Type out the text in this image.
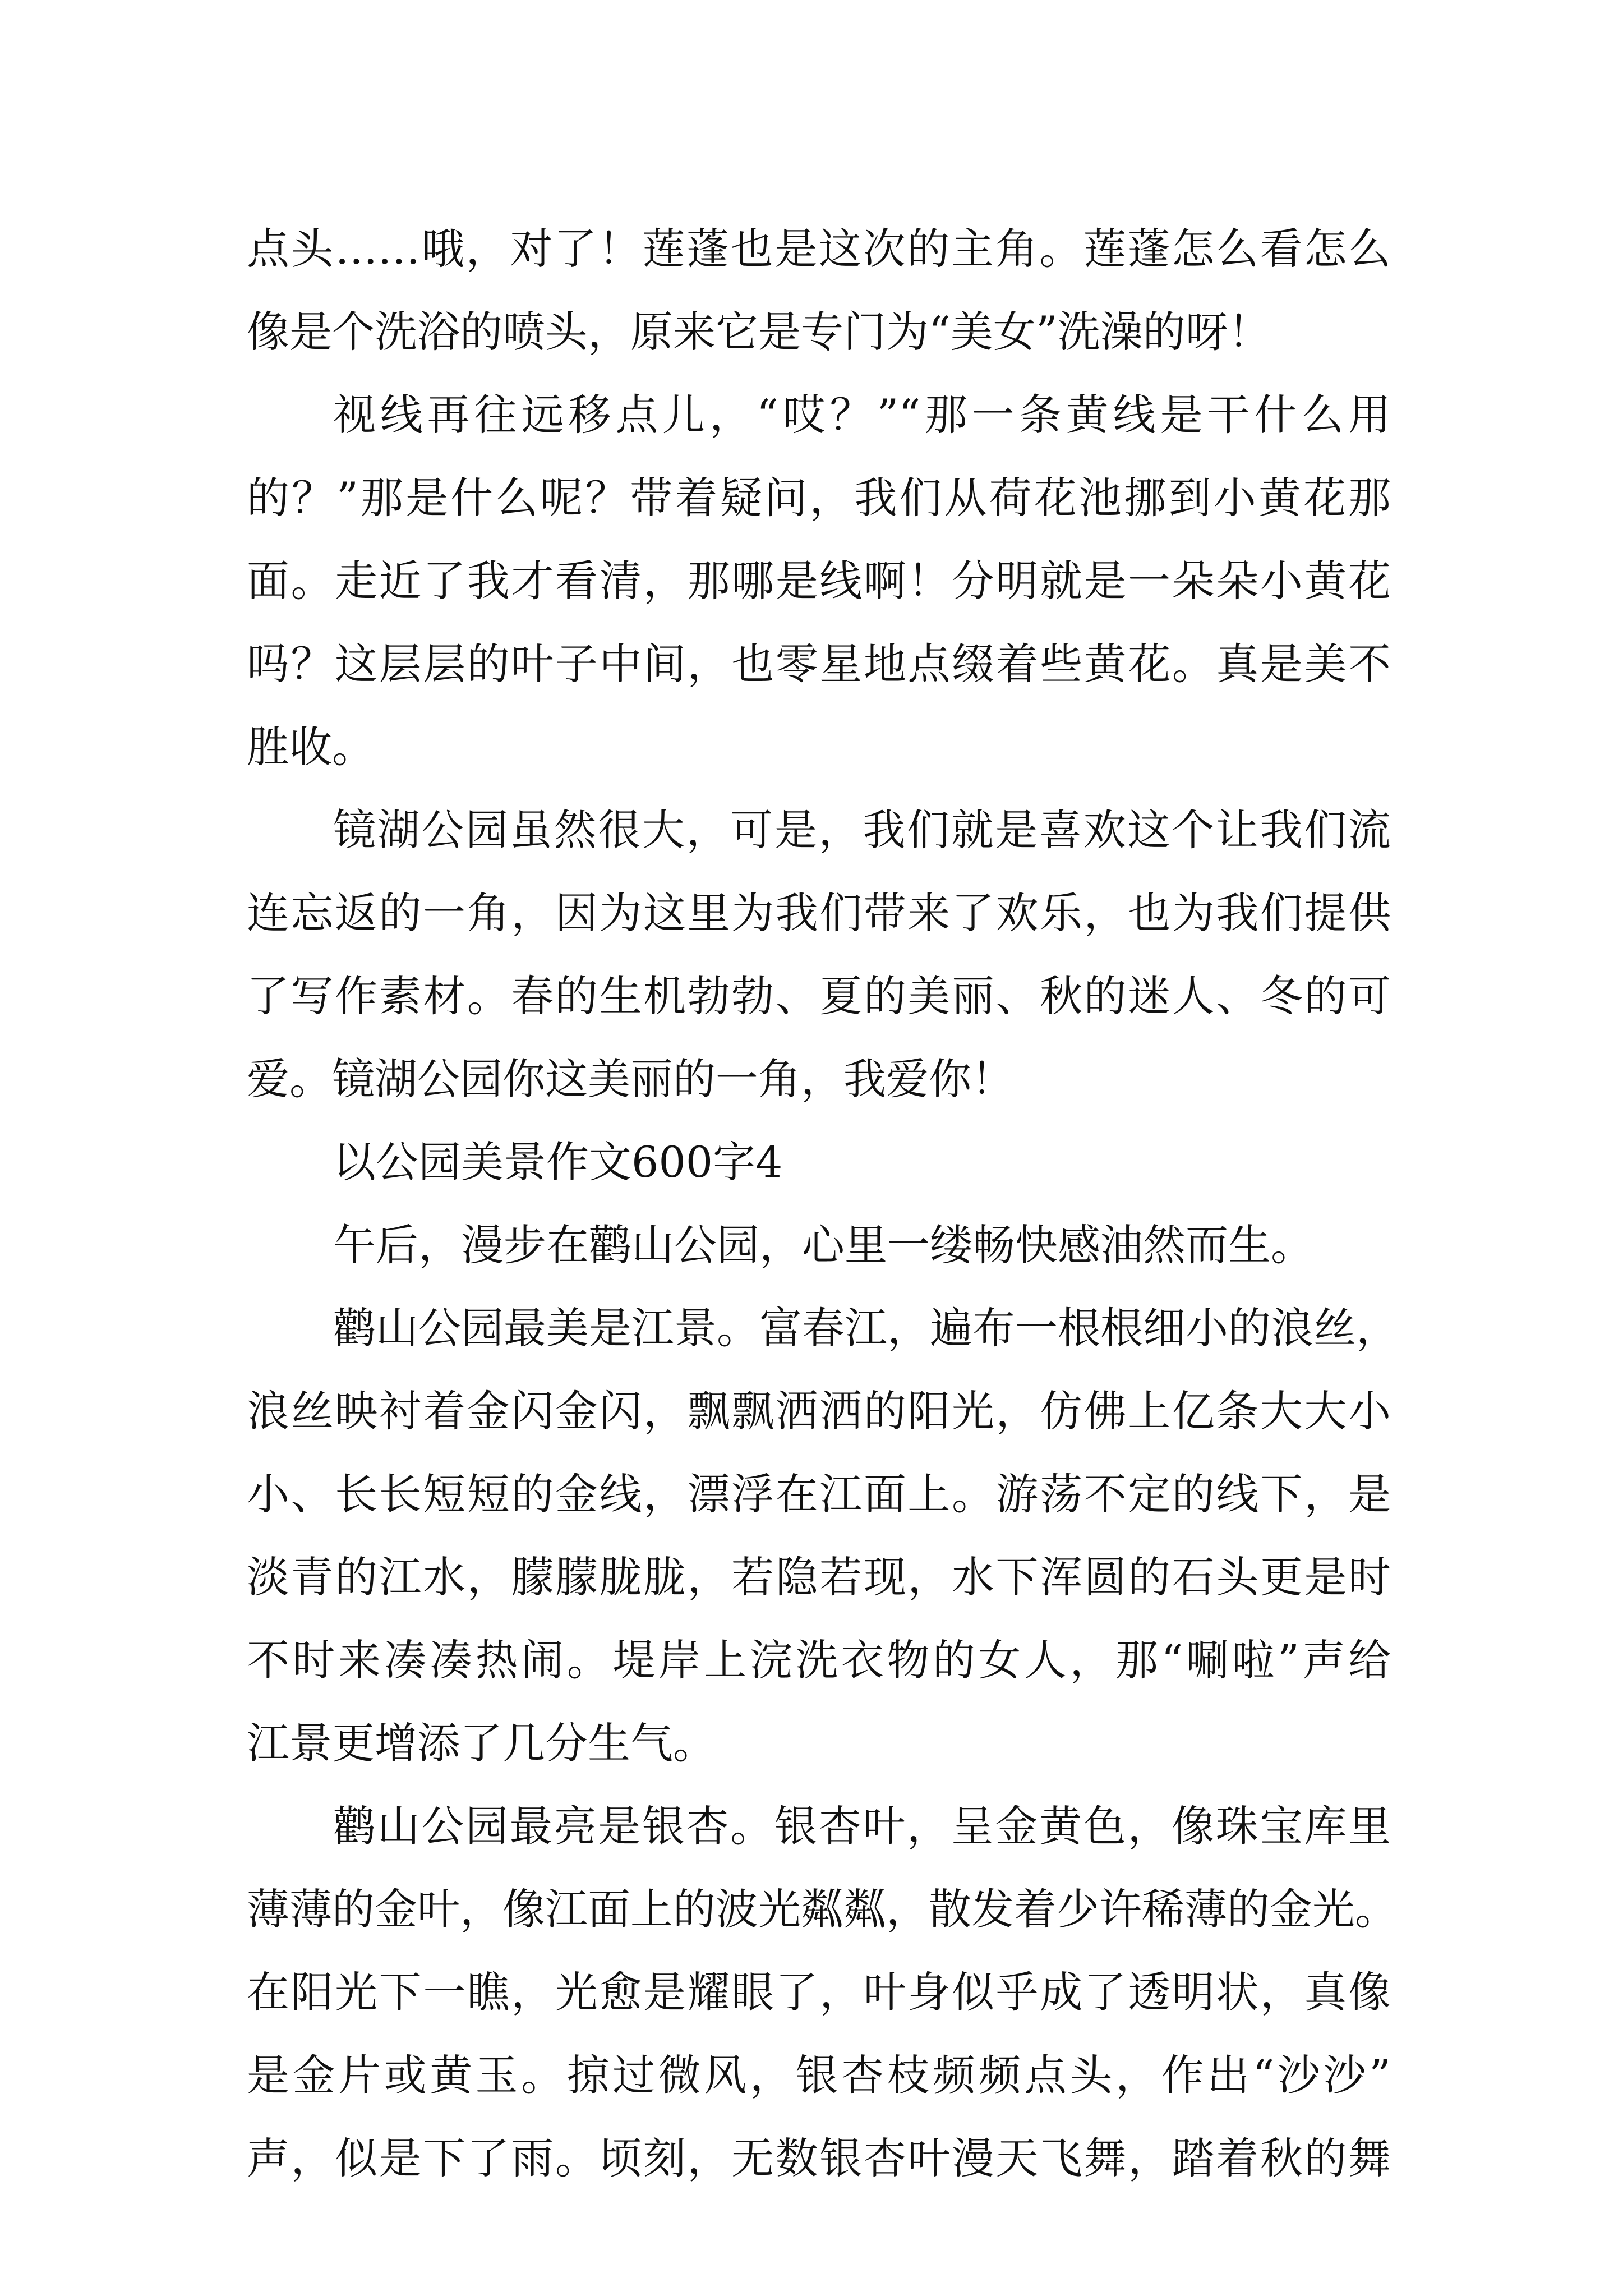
点头……哦，对了！莲蓬也是这次的主角。莲蓬怎么看怎么
像是个洗浴的喷头，原来它是专门为“美女”洗澡的呀！
视线再往远移点儿，“哎？”“那一条黄线是干什么用
的？”那是什么呢？带着疑问，我们从荷花池挪到小黄花那
面。走近了我才看清，那哪是线啊！分明就是一朵朵小黄花
吗？这层层的叶子中间，也零星地点缀着些黄花。真是美不
胜收。
镜湖公园虽然很大，可是，我们就是喜欢这个让我们流
连忘返的一角，因为这里为我们带来了欢乐，也为我们提供
了写作素材。春的生机勃勃、夏的美丽、秋的迷人、冬的可
爱。镜湖公园你这美丽的一角，我爱你！
以公园美景作文600字4
午后，漫步在鹳山公园，心里一缕畅快感油然而生。
鹳山公园最美是江景。富春江，遍布一根根细小的浪丝，
浪丝映衬着金闪金闪，飘飘洒洒的阳光，仿佛上亿条大大小
小、长长短短的金线，漂浮在江面上。游荡不定的线下，是
淡青的江水，朦朦胧胧，若隐若现，水下浑圆的石头更是时
不时来凑凑热闹。堤岸上浣洗衣物的女人，那“唰啦”声给
江景更增添了几分生气。
鹳山公园最亮是银杏。银杏叶，呈金黄色，像珠宝库里
薄薄的金叶，像江面上的波光粼粼，散发着少许稀薄的金光。
在阳光下一瞧，光愈是耀眼了，叶身似乎成了透明状，真像
是金片或黄玉。掠过微风，银杏枝频频点头，作出“沙沙”
声，似是下了雨。顷刻，无数银杏叶漫天飞舞，踏着秋的舞
